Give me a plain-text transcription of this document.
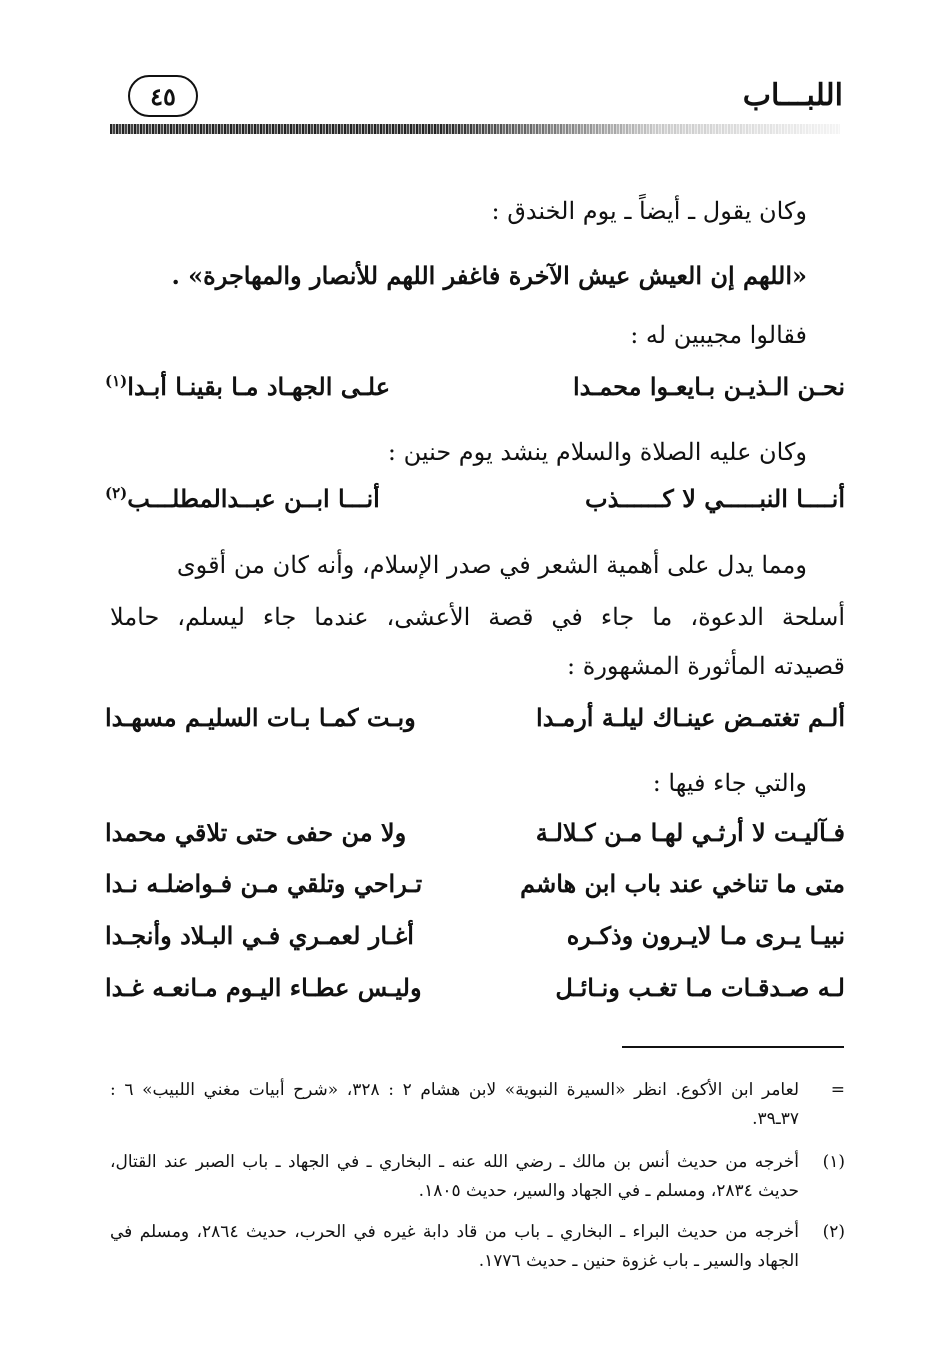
اللبـــاب
٤٥
وكان يقول ـ أيضاً ـ يوم الخندق :
«اللهم إن العيش عيش الآخرة فاغفر اللهم للأنصار والمهاجرة» .
فقالوا مجيبين له :
نحـن الـذيـن بـايعـوا محمـدا
علـى الجهـاد مـا بقينـا أبـدا$^{(١)}$
وكان عليه الصلاة والسلام ينشد يوم حنين :
أنــــا النبـــــي لا كــــــذب
أنـــا ابــن عبــدالمطلـــب$^{(٢)}$
ومما يدل على أهمية الشعر في صدر الإسلام، وأنه كان من أقوى
أسلحة الدعوة، ما جاء في قصة الأعشى، عندما جاء ليسلم، حاملا
قصيدته المأثورة المشهورة :
ألـم تغتمـض عينـاك ليلـة أرمـدا
وبـت كمـا بـات السليـم مسهـدا
والتي جاء فيها :
فـآليـت لا أرثـي لهـا مـن كـلالـة
ولا من حفى حتى تلاقي محمدا
متى ما تناخي عند باب ابن هاشم
تـراحي وتلقي مـن فـواضلـه نـدا
نبيـا يـرى مـا لايـرون وذكـره
أغـار لعمـري فـي البـلاد وأنجـدا
لـه صـدقـات مـا تغـب ونـائـل
وليـس عطـاء اليـوم مـانعـه غـدا
=
لعامر ابن الأكوع. انظر «السيرة النبوية» لابن هشام ٢ : ٣٢٨، «شرح أبيات مغني اللبيب» ٦ : ٣٧ـ٣٩.
(١)
أخرجه من حديث أنس بن مالك ـ رضي الله عنه ـ البخاري ـ في الجهاد ـ باب الصبر عند القتال، حديث ٢٨٣٤، ومسلم ـ في الجهاد والسير، حديث ١٨٠٥.
(٢)
أخرجه من حديث البراء ـ البخاري ـ باب من قاد دابة غيره في الحرب، حديث ٢٨٦٤، ومسلم في الجهاد والسير ـ باب غزوة حنين ـ حديث ١٧٧٦.
